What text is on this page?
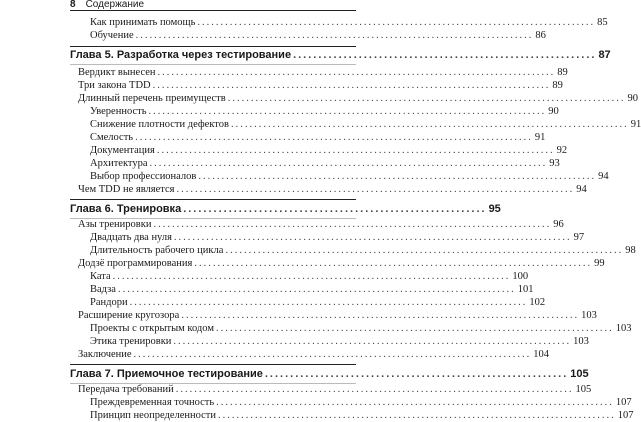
8 Содержание
Как принимать помощь ...................................................................................... 85
Обучение ...................................................................................... 86
Глава 5. Разработка через тестирование ............................................................ 87
Вердикт вынесен ...................................................................................... 89
Три закона TDD ...................................................................................... 89
Длинный перечень преимуществ ...................................................................................... 90
Уверенность ...................................................................................... 90
Снижение плотности дефектов ...................................................................................... 91
Смелость ...................................................................................... 91
Документация ...................................................................................... 92
Архитектура ...................................................................................... 93
Выбор профессионалов ...................................................................................... 94
Чем TDD не является ...................................................................................... 94
Глава 6. Тренировка ............................................................ 95
Азы тренировки ...................................................................................... 96
Двадцать два нуля ...................................................................................... 97
Длительность рабочего цикла ...................................................................................... 98
Додзё программирования ...................................................................................... 99
Ката ...................................................................................... 100
Вадза ...................................................................................... 101
Рандори ...................................................................................... 102
Расширение кругозора ...................................................................................... 103
Проекты с открытым кодом ...................................................................................... 103
Этика тренировки ...................................................................................... 103
Заключение ...................................................................................... 104
Глава 7. Приемочное тестирование ............................................................ 105
Передача требований ...................................................................................... 105
Преждевременная точность ...................................................................................... 107
Принцип неопределенности ...................................................................................... 107
